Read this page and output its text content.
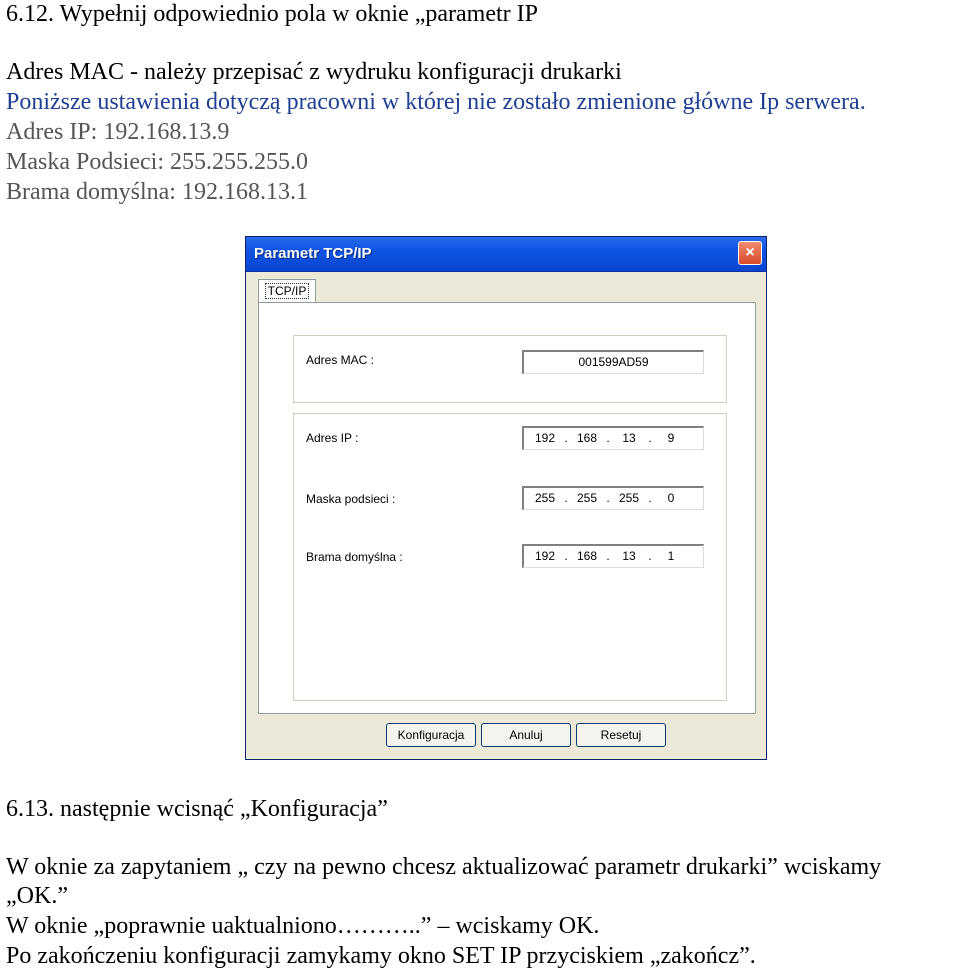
6.12. Wypełnij odpowiednio pola w oknie „parametr IP
Adres MAC - należy przepisać z wydruku konfiguracji drukarki
Poniższe ustawienia dotyczą pracowni w której nie zostało zmienione główne Ip serwera.
Adres IP: 192.168.13.9
Maska Podsieci: 255.255.255.0
Brama domyślna: 192.168.13.1
Parametr TCP/IP	×
TCP/IP
Adres MAC :	001599AD59
Adres IP :	192 . 168 .	13	.	9
Maska podsieci :	255 . 255 . 255 .	0
Brama domyślna :	192 . 168 .	13	.	1
Konfiguracja	Anuluj	Resetuj
6.13. następnie wcisnąć „Konfiguracja”
W oknie za zapytaniem „ czy na pewno chcesz aktualizować parametr drukarki” wciskamy
„OK.”
W oknie „poprawnie uaktualniono………..” – wciskamy OK.
Po zakończeniu konfiguracji zamykamy okno SET IP przyciskiem „zakończ”.
